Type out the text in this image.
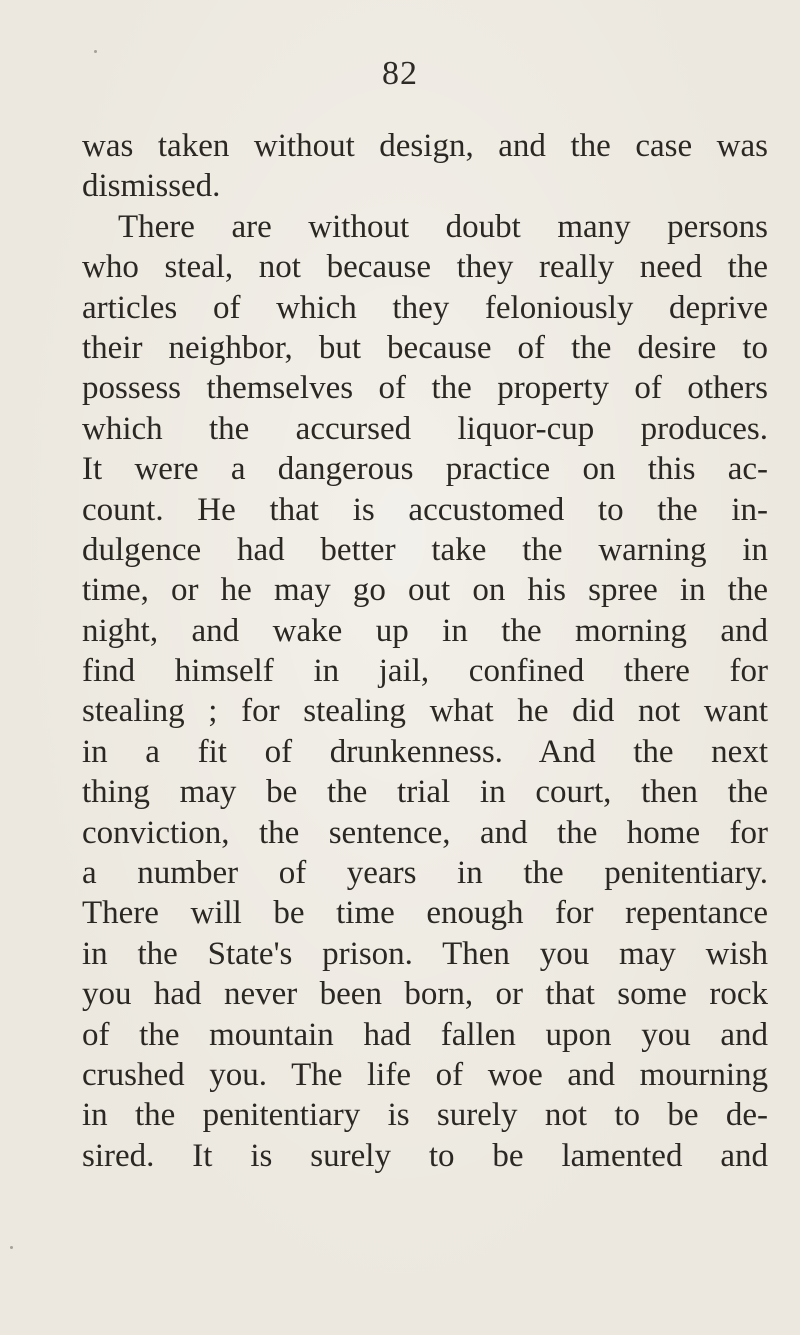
82
was taken without design, and the case was
dismissed.
There are without doubt many persons
who steal, not because they really need the
articles of which they feloniously deprive
their neighbor, but because of the desire to
possess themselves of the property of others
which the accursed liquor-cup produces.
It were a dangerous practice on this ac-
count. He that is accustomed to the in-
dulgence had better take the warning in
time, or he may go out on his spree in the
night, and wake up in the morning and
find himself in jail, confined there for
stealing ; for stealing what he did not want
in a fit of drunkenness. And the next
thing may be the trial in court, then the
conviction, the sentence, and the home for
a number of years in the penitentiary.
There will be time enough for repentance
in the State's prison. Then you may wish
you had never been born, or that some rock
of the mountain had fallen upon you and
crushed you. The life of woe and mourning
in the penitentiary is surely not to be de-
sired. It is surely to be lamented and
